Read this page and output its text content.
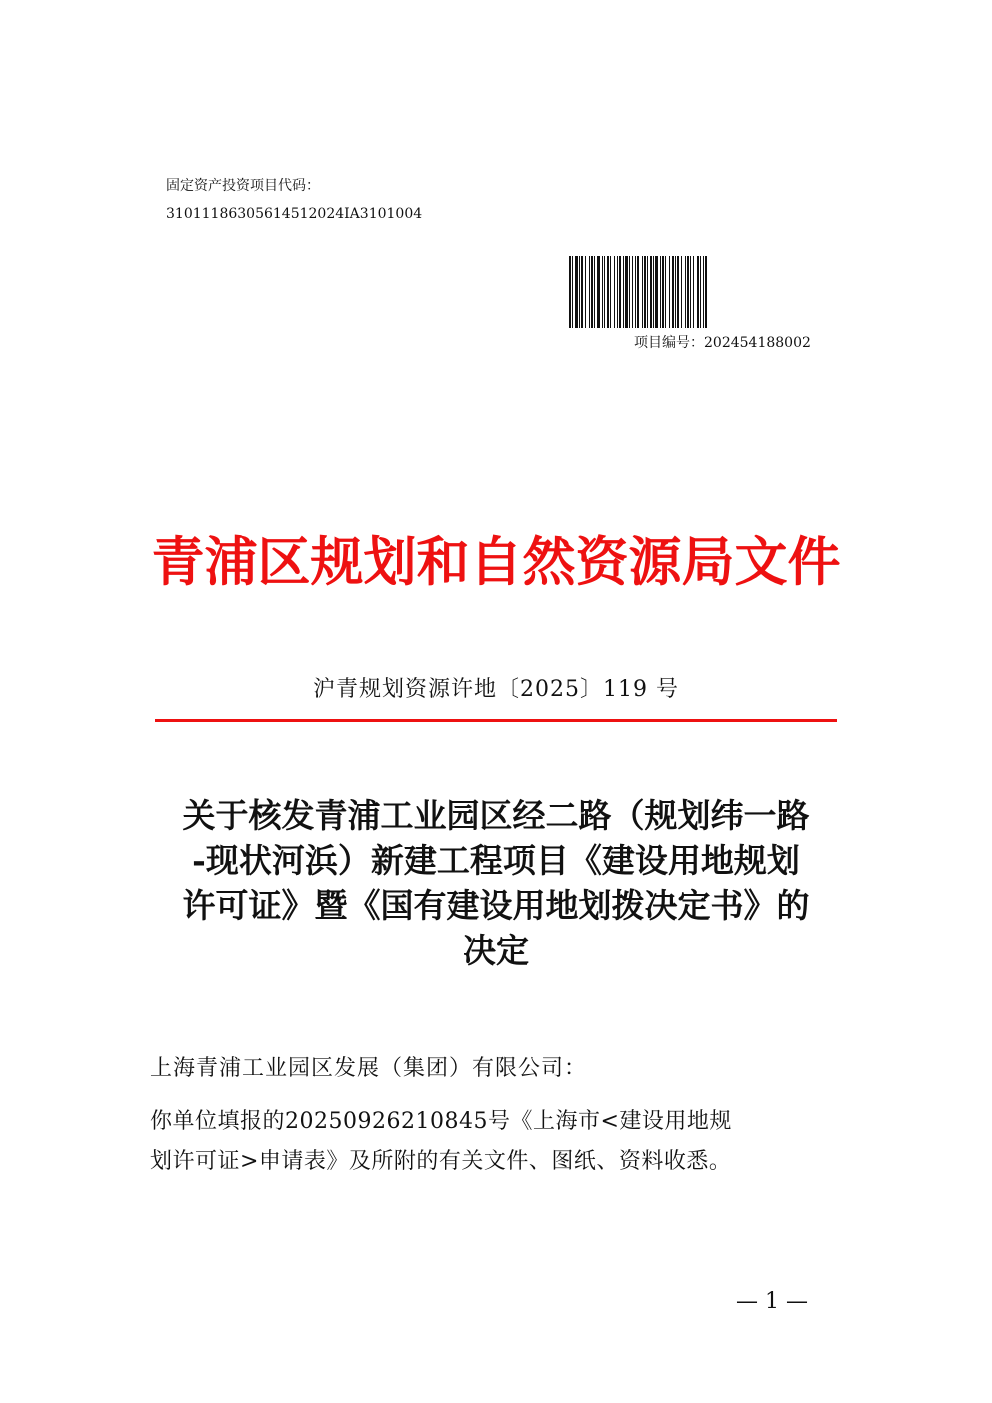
固定资产投资项目代码：
31011186305614512024IA3101004
项目编号：202454188002
青浦区规划和自然资源局文件
沪青规划资源许地〔2025〕119 号
关于核发青浦工业园区经二路（规划纬一路
-现状河浜）新建工程项目《建设用地规划
许可证》暨《国有建设用地划拨决定书》的
决定
上海青浦工业园区发展（集团）有限公司：
你单位填报的20250926210845号《上海市<建设用地规
划许可证>申请表》及所附的有关文件、图纸、资料收悉。
— 1 —
